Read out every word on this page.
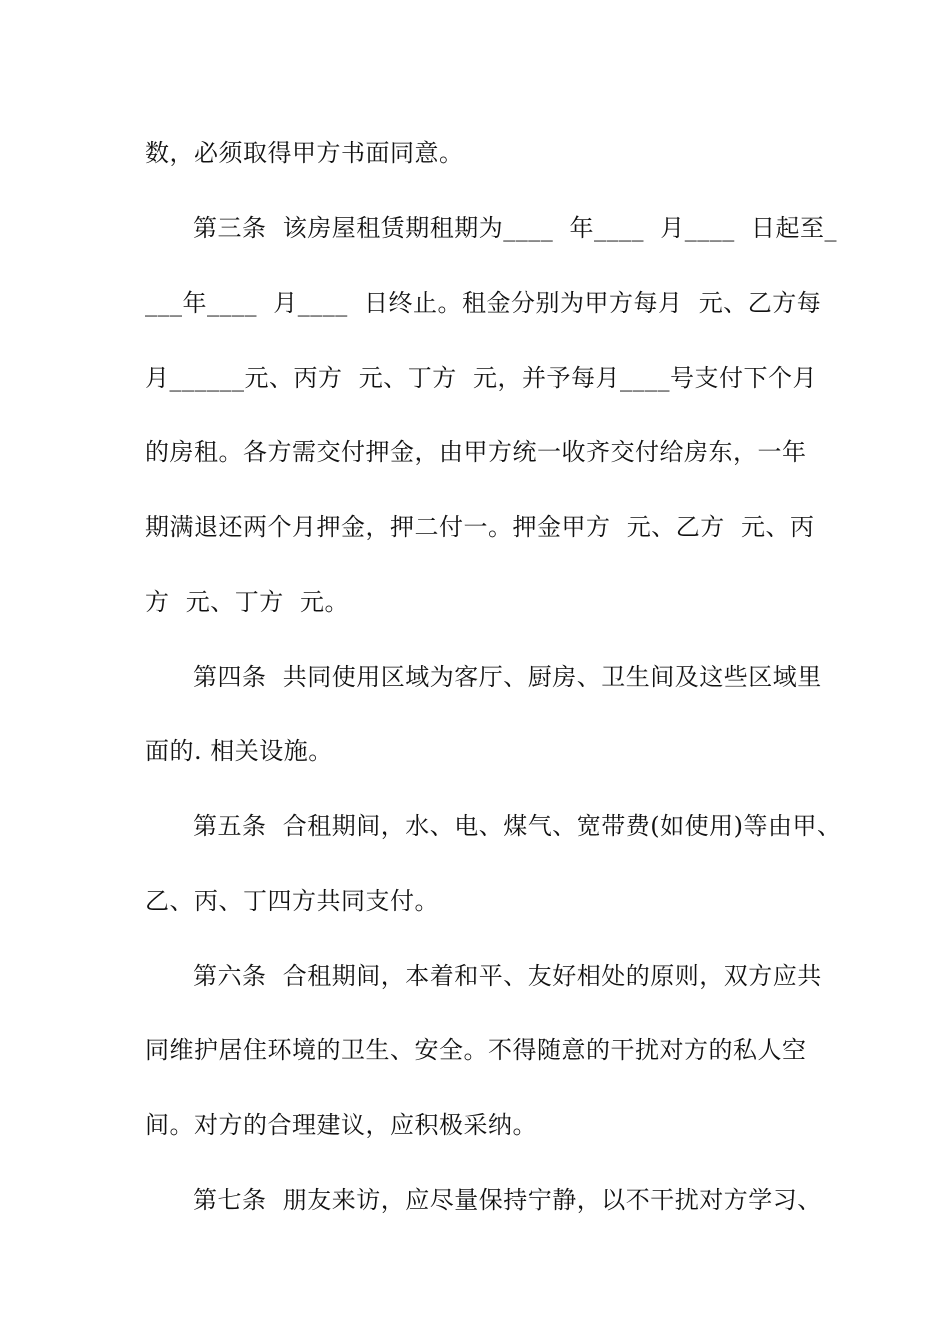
数，必须取得甲方书面同意。
第三条  该房屋租赁期租期为____  年____  月____  日起至_
___年____  月____  日终止。租金分别为甲方每月  元、乙方每
月______元、丙方  元、丁方  元，并予每月____号支付下个月
的房租。各方需交付押金，由甲方统一收齐交付给房东，一年
期满退还两个月押金，押二付一。押金甲方  元、乙方  元、丙
方  元、丁方  元。
第四条  共同使用区域为客厅、厨房、卫生间及这些区域里
面的. 相关设施。
第五条  合租期间，水、电、煤气、宽带费(如使用)等由甲、
乙、丙、丁四方共同支付。
第六条  合租期间，本着和平、友好相处的原则，双方应共
同维护居住环境的卫生、安全。不得随意的干扰对方的私人空
间。对方的合理建议，应积极采纳。
第七条  朋友来访，应尽量保持宁静，以不干扰对方学习、
